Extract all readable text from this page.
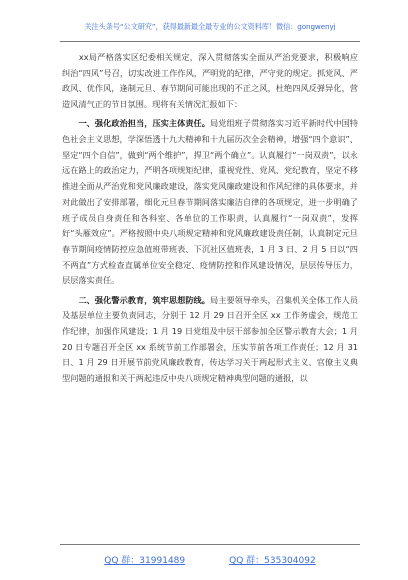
关注头条号“公文研究”，获得最新最全最专业的公文资料库！微信：gongwenyj

　　xx局严格落实区纪委相关规定，深入贯彻落实全面从严治党要求，积极响应纠治“四风”号召，切实改进工作作风，严明党的纪律，严守党的规定。抓党风、严政风、优作风，逢制元旦、春节期间可能出现的不正之风，杜绝四风反弹异化，营造风清气正的节日氛围。现将有关情况汇报如下：

　　一、强化政治担当，压实主体责任。局党组班子贯彻落实习近平新时代中国特色社会主义思想，学深悟透十九大精神和十九届历次全会精神，增强“四个意识”、坚定“四个自信”，做到“两个维护”，捍卫“两个确立”。认真履行“一岗双责”，以永远在路上的政治定力，严明各项规矩纪律，重视党性、党风、党纪教育，坚定不移推进全面从严治党和党风廉政建设，落实党风廉政建设和作风纪律的具体要求，并对此做出了安排部署，细化元旦春节期间落实廉洁自律的各项规定，进一步明确了班子成员自身责任和各科室、各单位的工作职责，认真履行“一岗双责”，发挥好“头雁效应”。严格按照中央八项规定精神和党风廉政建设责任制，认真制定元旦春节期间疫情防控应急值班带班表、下沉社区值班表，1 月 3 日、2 月 5 日以“四不两直”方式检查直属单位安全稳定、疫情防控和作风建设情况，层层传导压力，层层落实责任。

　　二、强化警示教育，筑牢思想防线。局主要领导牵头，召集机关全体工作人员及基层单位主要负责同志，分别于 12 月 29 日召开全区 xx 工作务虚会，规范工作纪律，加强作风建设；1 月 19 日党组及中层干部参加全区警示教育大会；1 月 20 日专题召开全区 xx 系统节前工作部署会，压实节前各项工作责任；12 月 31 日、1 月 29 日开展节前党风廉政教育，传达学习关于两起形式主义、官僚主义典型问题的通报和关于两起违反中央八项规定精神典型问题的通报，以

QQ 群：31991489	QQ 群：535304092
